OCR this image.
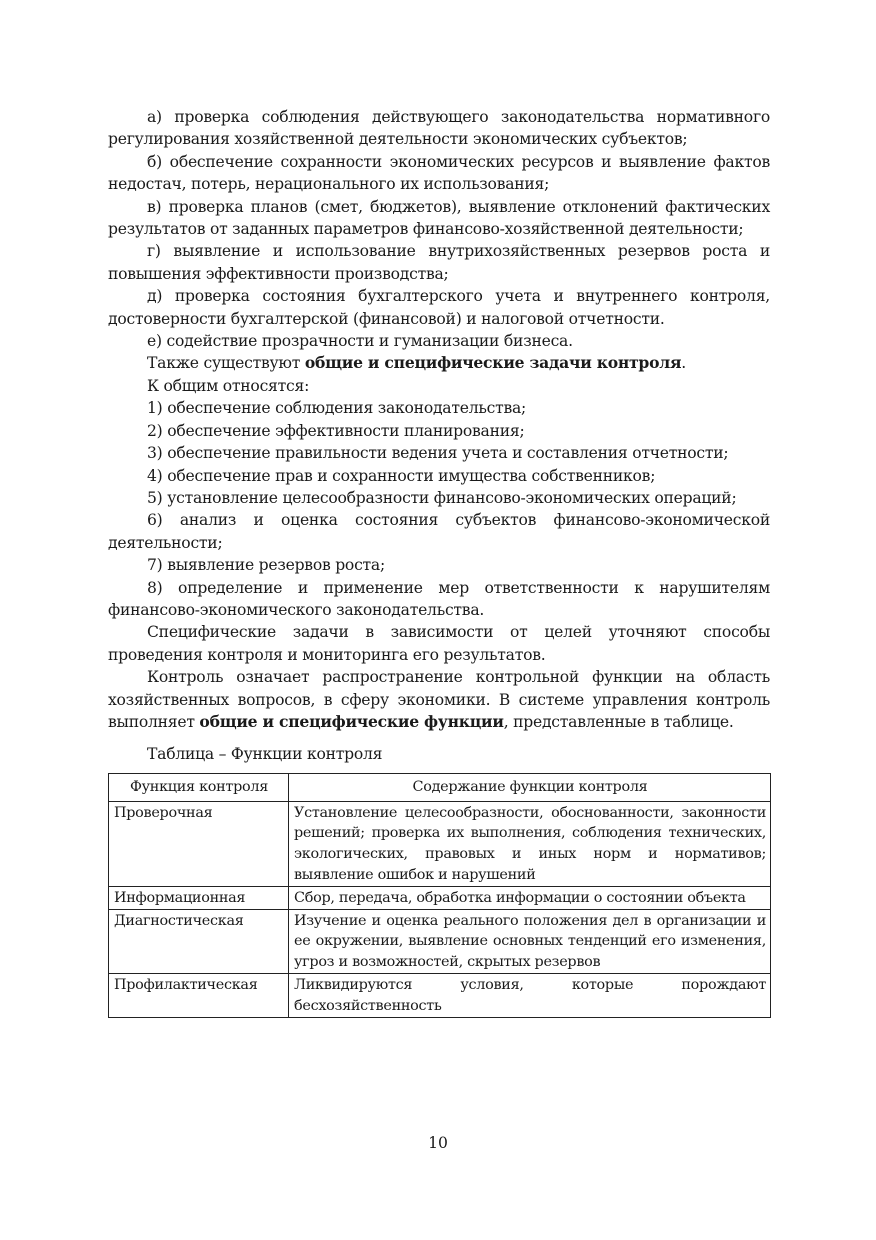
а) проверка соблюдения действующего законодательства нормативного регулирования хозяйственной деятельности экономических субъектов;

б) обеспечение сохранности экономических ресурсов и выявление фактов недостач, потерь, нерационального их использования;

в) проверка планов (смет, бюджетов), выявление отклонений фактических результатов от заданных параметров финансово-хозяйственной деятельности;

г) выявление и использование внутрихозяйственных резервов роста и повышения эффективности производства;

д) проверка состояния бухгалтерского учета и внутреннего контроля, достоверности бухгалтерской (финансовой) и налоговой отчетности.

е) содействие прозрачности и гуманизации бизнеса.

Также существуют общие и специфические задачи контроля.

К общим относятся:

1) обеспечение соблюдения законодательства;

2) обеспечение эффективности планирования;

3) обеспечение правильности ведения учета и составления отчетности;

4) обеспечение прав и сохранности имущества собственников;

5) установление целесообразности финансово-экономических операций;

6) анализ и оценка состояния субъектов финансово-экономической деятельности;

7) выявление резервов роста;

8) определение и применение мер ответственности к нарушителям финансово-экономического законодательства.

Специфические задачи в зависимости от целей уточняют способы проведения контроля и мониторинга его результатов.

Контроль означает распространение контрольной функции на область хозяйственных вопросов, в сферу экономики. В системе управления контроль выполняет общие и специфические функции, представленные в таблице.

Таблица – Функции контроля

Функция контроля	Содержание функции контроля
Проверочная	Установление целесообразности, обоснованности, законности решений; проверка их выполнения, соблюдения технических, экологических, правовых и иных норм и нормативов; выявление ошибок и нарушений
Информационная	Сбор, передача, обработка информации о состоянии объекта
Диагностическая	Изучение и оценка реального положения дел в организации и ее окружении, выявление основных тенденций его изменения, угроз и возможностей, скрытых резервов
Профилактическая	Ликвидируются условия, которые порождают бесхозяйственность
10
